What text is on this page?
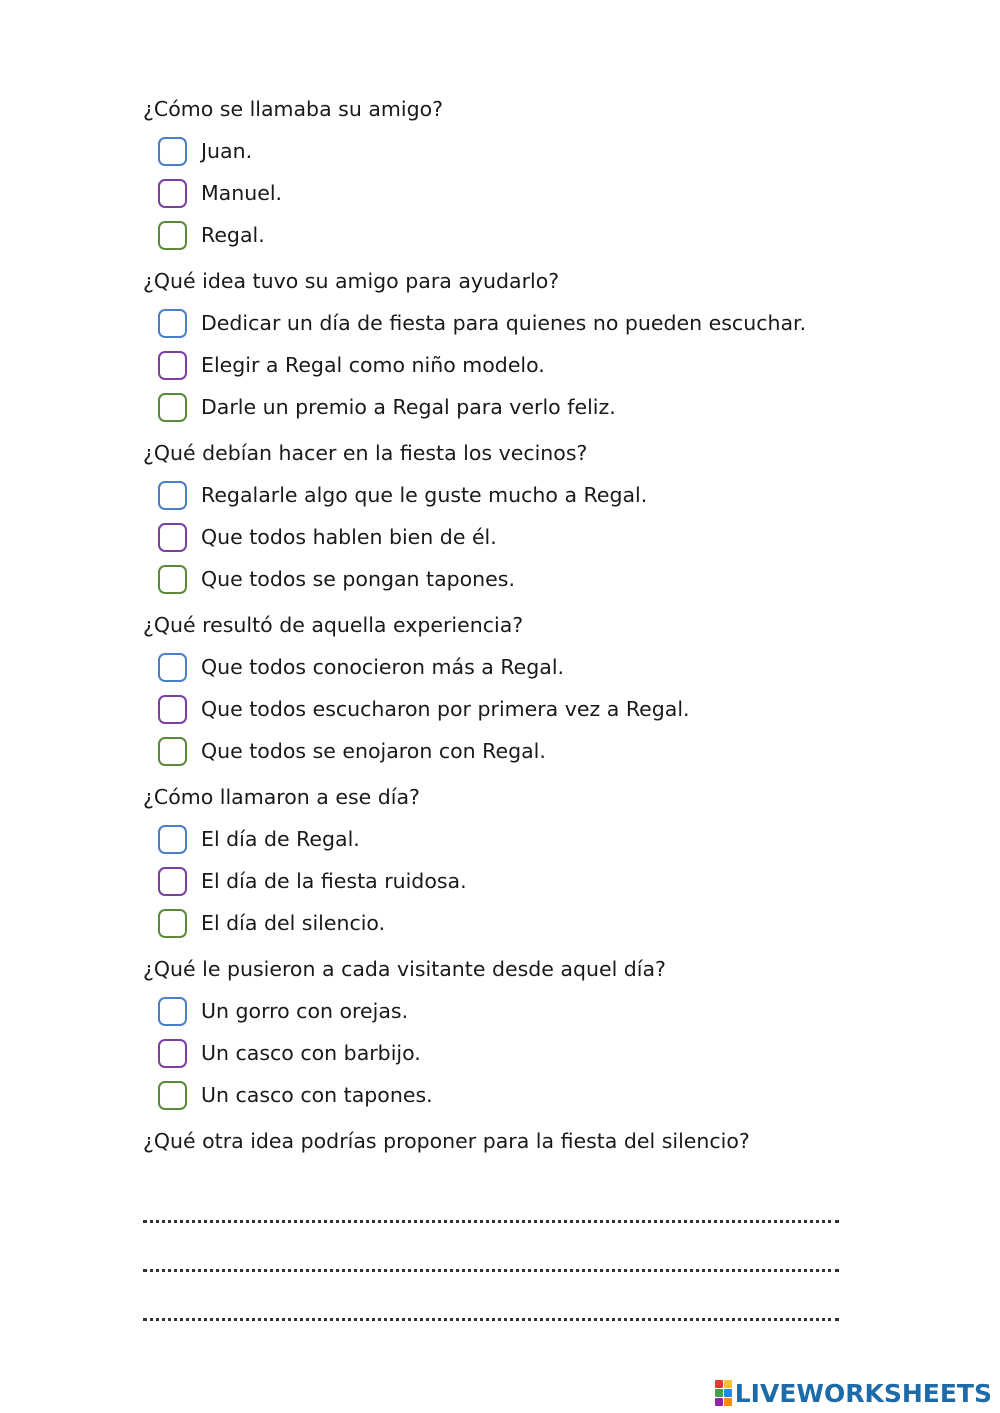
¿Cómo se llamaba su amigo?

Juan.
Manuel.
Regal.

¿Qué idea tuvo su amigo para ayudarlo?

Dedicar un día de fiesta para quienes no pueden escuchar.
Elegir a Regal como niño modelo.
Darle un premio a Regal para verlo feliz.

¿Qué debían hacer en la fiesta los vecinos?

Regalarle algo que le guste mucho a Regal.
Que todos hablen bien de él.
Que todos se pongan tapones.

¿Qué resultó de aquella experiencia?

Que todos conocieron más a Regal.
Que todos escucharon por primera vez a Regal.
Que todos se enojaron con Regal.

¿Cómo llamaron a ese día?

El día de Regal.
El día de la fiesta ruidosa.
El día del silencio.

¿Qué le pusieron a cada visitante desde aquel día?

Un gorro con orejas.
Un casco con barbijo.
Un casco con tapones.

¿Qué otra idea podrías proponer para la fiesta del silencio?

LIVEWORKSHEETS
